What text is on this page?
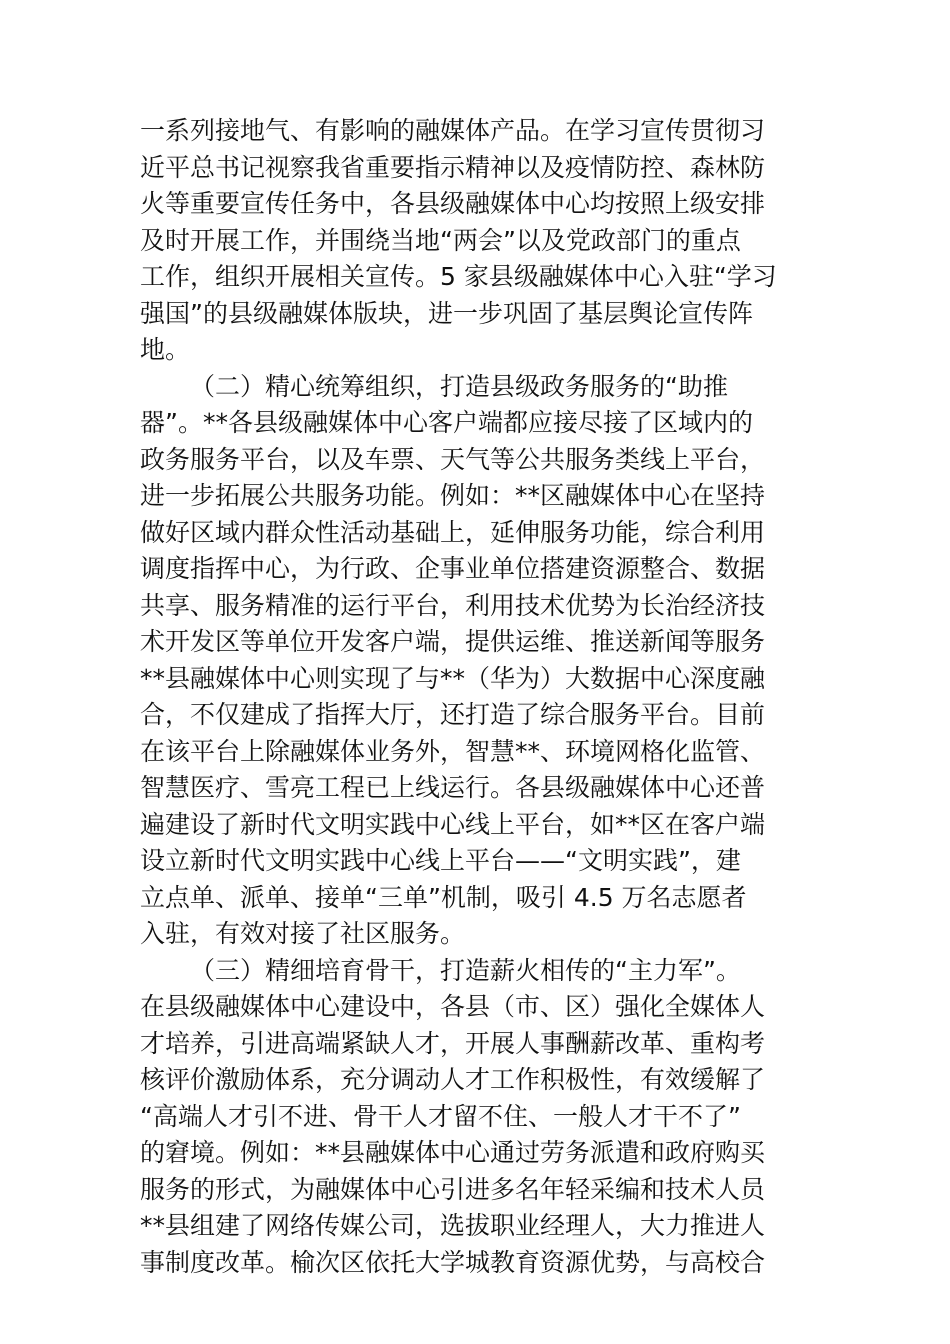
一系列接地气、有影响的融媒体产品。在学习宣传贯彻习
近平总书记视察我省重要指示精神以及疫情防控、森林防
火等重要宣传任务中，各县级融媒体中心均按照上级安排
及时开展工作，并围绕当地“两会”以及党政部门的重点
工作，组织开展相关宣传。5 家县级融媒体中心入驻“学习
强国”的县级融媒体版块，进一步巩固了基层舆论宣传阵
地。
（二）精心统筹组织，打造县级政务服务的“助推
器”。**各县级融媒体中心客户端都应接尽接了区域内的
政务服务平台，以及车票、天气等公共服务类线上平台，
进一步拓展公共服务功能。例如：**区融媒体中心在坚持
做好区域内群众性活动基础上，延伸服务功能，综合利用
调度指挥中心，为行政、企事业单位搭建资源整合、数据
共享、服务精准的运行平台，利用技术优势为长治经济技
术开发区等单位开发客户端，提供运维、推送新闻等服务
**县融媒体中心则实现了与**（华为）大数据中心深度融
合，不仅建成了指挥大厅，还打造了综合服务平台。目前
在该平台上除融媒体业务外，智慧**、环境网格化监管、
智慧医疗、雪亮工程已上线运行。各县级融媒体中心还普
遍建设了新时代文明实践中心线上平台，如**区在客户端
设立新时代文明实践中心线上平台——“文明实践”，建
立点单、派单、接单“三单”机制，吸引 4.5 万名志愿者
入驻，有效对接了社区服务。
（三）精细培育骨干，打造薪火相传的“主力军”。
在县级融媒体中心建设中，各县（市、区）强化全媒体人
才培养，引进高端紧缺人才，开展人事酬薪改革、重构考
核评价激励体系，充分调动人才工作积极性，有效缓解了
“高端人才引不进、骨干人才留不住、一般人才干不了”
的窘境。例如：**县融媒体中心通过劳务派遣和政府购买
服务的形式，为融媒体中心引进多名年轻采编和技术人员
**县组建了网络传媒公司，选拔职业经理人，大力推进人
事制度改革。榆次区依托大学城教育资源优势，与高校合
